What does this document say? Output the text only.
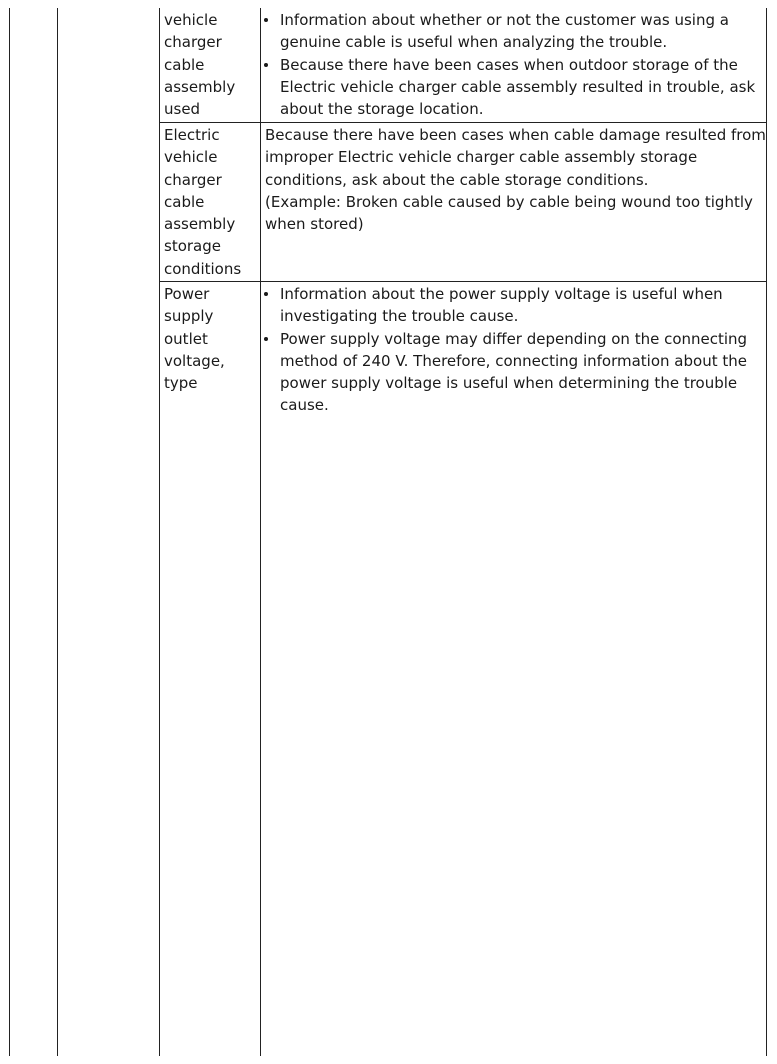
vehicle
charger
cable
assembly
used
Information about whether or not the customer was using a
genuine cable is useful when analyzing the trouble.
Because there have been cases when outdoor storage of the
Electric vehicle charger cable assembly resulted in trouble, ask
about the storage location.
Electric
vehicle
charger
cable
assembly
storage
conditions
Because there have been cases when cable damage resulted from
improper Electric vehicle charger cable assembly storage
conditions, ask about the cable storage conditions.
(Example: Broken cable caused by cable being wound too tightly
when stored)
Power
supply
outlet
voltage,
type
Information about the power supply voltage is useful when
investigating the trouble cause.
Power supply voltage may differ depending on the connecting
method of 240 V. Therefore, connecting information about the
power supply voltage is useful when determining the trouble
cause.
